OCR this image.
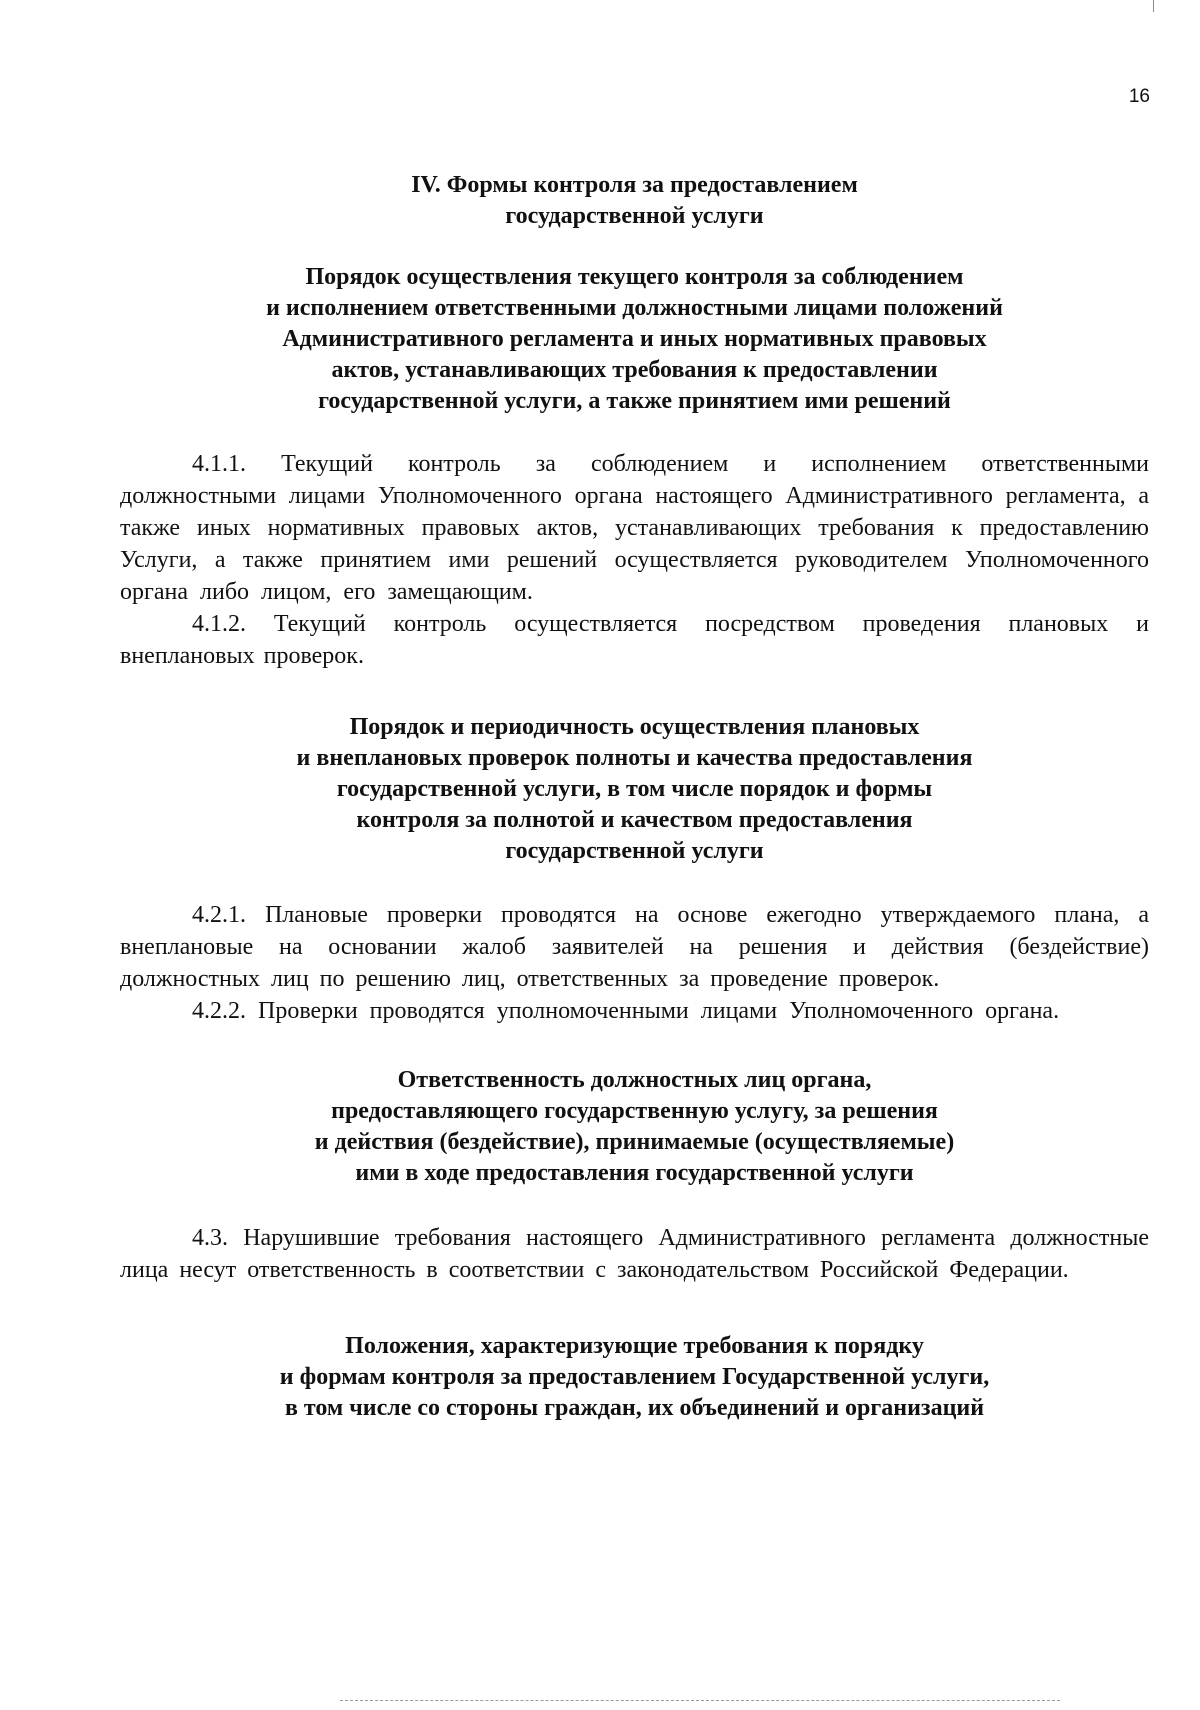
16
IV. Формы контроля за предоставлением
государственной услуги
Порядок осуществления текущего контроля за соблюдением
и исполнением ответственными должностными лицами положений
Административного регламента и иных нормативных правовых
актов, устанавливающих требования к предоставлении
государственной услуги, а также принятием ими решений

4.1.1. Текущий контроль за соблюдением и исполнением ответственными должностными лицами Уполномоченного органа настоящего Административного регламента, а также иных нормативных правовых актов, устанавливающих требования к предоставлению Услуги, а также принятием ими решений осуществляется руководителем Уполномоченного органа либо лицом, его замещающим.

4.1.2. Текущий контроль осуществляется посредством проведения плановых и внеплановых проверок.

Порядок и периодичность осуществления плановых
и внеплановых проверок полноты и качества предоставления
государственной услуги, в том числе порядок и формы
контроля за полнотой и качеством предоставления
государственной услуги

4.2.1. Плановые проверки проводятся на основе ежегодно утверждаемого плана, а внеплановые на основании жалоб заявителей на решения и действия (бездействие) должностных лиц по решению лиц, ответственных за проведение проверок.

4.2.2. Проверки проводятся уполномоченными лицами Уполномоченного органа.

Ответственность должностных лиц органа,
предоставляющего государственную услугу, за решения
и действия (бездействие), принимаемые (осуществляемые)
ими в ходе предоставления государственной услуги

4.3. Нарушившие требования настоящего Административного регламента должностные лица несут ответственность в соответствии с законодательством Российской Федерации.

Положения, характеризующие требования к порядку
и формам контроля за предоставлением Государственной услуги,
в том числе со стороны граждан, их объединений и организаций
